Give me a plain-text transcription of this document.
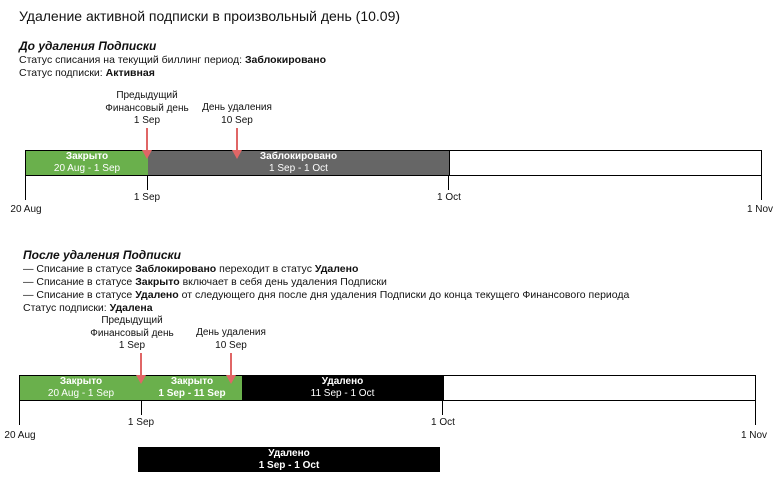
Удаление активной подписки в произвольный день (10.09)
До удаления Подписки
Статус списания на текущий биллинг период: Заблокировано
Статус подписки: Активная
Предыдущий
Финансовый день
1 Sep
День удаления
10 Sep
Закрыто
20 Aug - 1 Sep
Заблокировано
1 Sep - 1 Oct
20 Aug
1 Sep	1 Oct
1 Nov
После удаления Подписки
— Списание в статусе Заблокировано переходит в статус Удалено
— Списание в статусе Закрыто включает в себя день удаления Подписки
— Списание в статусе Удалено от следующего дня после дня удаления Подписки до конца текущего Финансового периода
Статус подписки: Удалена
Предыдущий
Финансовый день
1 Sep
День удаления
10 Sep
Закрыто
20 Aug - 1 Sep
Закрыто
1 Sep - 11 Sep
Удалено
11 Sep - 1 Oct
20 Aug
1 Sep	1 Oct
1 Nov
Удалено
1 Sep - 1 Oct
